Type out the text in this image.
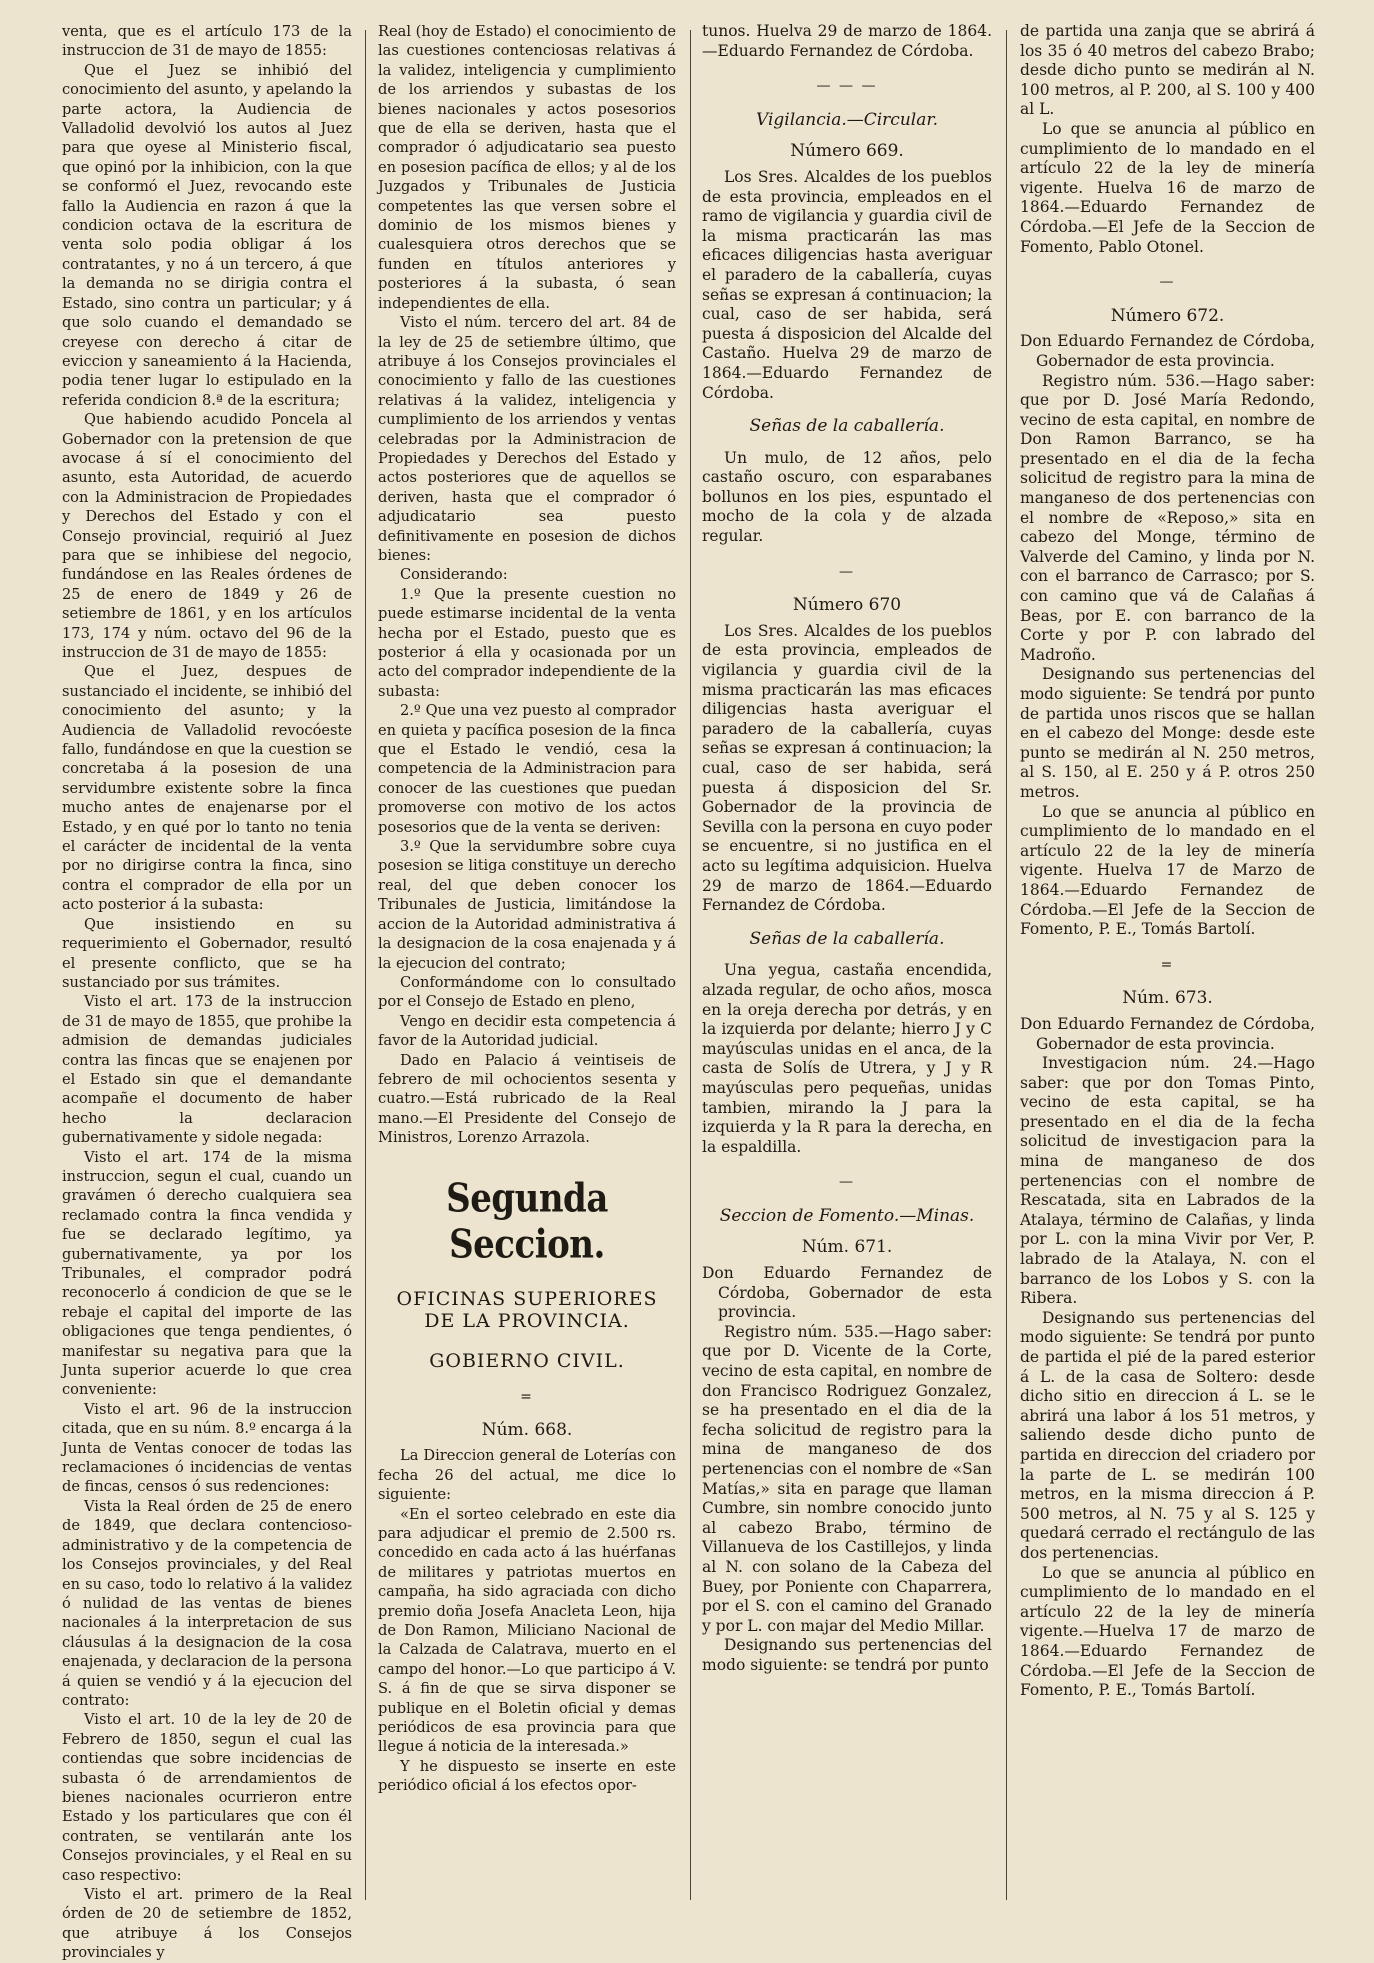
venta, que es el artículo 173 de la instruccion de 31 de mayo de 1855:

Que el Juez se inhibió del conocimiento del asunto, y apelando la parte actora, la Audiencia de Valladolid devolvió los autos al Juez para que oyese al Ministerio fiscal, que opinó por la inhibicion, con la que se conformó el Juez, revocando este fallo la Audiencia en razon á que la condicion octava de la escritura de venta solo podia obligar á los contratantes, y no á un tercero, á que la demanda no se dirigia contra el Estado, sino contra un particular; y á que solo cuando el demandado se creyese con derecho á citar de eviccion y saneamiento á la Hacienda, podia tener lugar lo estipulado en la referida condicion 8.ª de la escritura;

Que habiendo acudido Poncela al Gobernador con la pretension de que avocase á sí el conocimiento del asunto, esta Autoridad, de acuerdo con la Administracion de Propiedades y Derechos del Estado y con el Consejo provincial, requirió al Juez para que se inhibiese del negocio, fundándose en las Reales órdenes de 25 de enero de 1849 y 26 de setiembre de 1861, y en los artículos 173, 174 y núm. octavo del 96 de la instruccion de 31 de mayo de 1855:

Que el Juez, despues de sustanciado el incidente, se inhibió del conocimiento del asunto; y la Audiencia de Valladolid revocóeste fallo, fundándose en que la cuestion se concretaba á la posesion de una servidumbre existente sobre la finca mucho antes de enajenarse por el Estado, y en qué por lo tanto no tenia el carácter de incidental de la venta por no dirigirse contra la finca, sino contra el comprador de ella por un acto posterior á la subasta:

Que insistiendo en su requerimiento el Gobernador, resultó el presente conflicto, que se ha sustanciado por sus trámites.

Visto el art. 173 de la instruccion de 31 de mayo de 1855, que prohibe la admision de demandas judiciales contra las fincas que se enajenen por el Estado sin que el demandante acompañe el documento de haber hecho la declaracion gubernativamente y sidole negada:

Visto el art. 174 de la misma instruccion, segun el cual, cuando un gravámen ó derecho cualquiera sea reclamado contra la finca vendida y fue se declarado legítimo, ya gubernativamente, ya por los Tribunales, el comprador podrá reconocerlo á condicion de que se le rebaje el capital del importe de las obligaciones que tenga pendientes, ó manifestar su negativa para que la Junta superior acuerde lo que crea conveniente:

Visto el art. 96 de la instruccion citada, que en su núm. 8.º encarga á la Junta de Ventas conocer de todas las reclamaciones ó incidencias de ventas de fincas, censos ó sus redenciones:

Vista la Real órden de 25 de enero de 1849, que declara contencioso-administrativo y de la competencia de los Consejos provinciales, y del Real en su caso, todo lo relativo á la validez ó nulidad de las ventas de bienes nacionales á la interpretacion de sus cláusulas á la designacion de la cosa enajenada, y declaracion de la persona á quien se vendió y á la ejecucion del contrato:

Visto el art. 10 de la ley de 20 de Febrero de 1850, segun el cual las contiendas que sobre incidencias de subasta ó de arrendamientos de bienes nacionales ocurrieron entre Estado y los particulares que con él contraten, se ventilarán ante los Consejos provinciales, y el Real en su caso respectivo:

Visto el art. primero de la Real órden de 20 de setiembre de 1852, que atribuye á los Consejos provinciales y

Real (hoy de Estado) el conocimiento de las cuestiones contenciosas relativas á la validez, inteligencia y cumplimiento de los arriendos y subastas de los bienes nacionales y actos posesorios que de ella se deriven, hasta que el comprador ó adjudicatario sea puesto en posesion pacífica de ellos; y al de los Juzgados y Tribunales de Justicia competentes las que versen sobre el dominio de los mismos bienes y cualesquiera otros derechos que se funden en títulos anteriores y posteriores á la subasta, ó sean independientes de ella.

Visto el núm. tercero del art. 84 de la ley de 25 de setiembre último, que atribuye á los Consejos provinciales el conocimiento y fallo de las cuestiones relativas á la validez, inteligencia y cumplimiento de los arriendos y ventas celebradas por la Administracion de Propiedades y Derechos del Estado y actos posteriores que de aquellos se deriven, hasta que el comprador ó adjudicatario sea puesto definitivamente en posesion de dichos bienes:

Considerando:

1.º Que la presente cuestion no puede estimarse incidental de la venta hecha por el Estado, puesto que es posterior á ella y ocasionada por un acto del comprador independiente de la subasta:

2.º Que una vez puesto al comprador en quieta y pacífica posesion de la finca que el Estado le vendió, cesa la competencia de la Administracion para conocer de las cuestiones que puedan promoverse con motivo de los actos posesorios que de la venta se deriven:

3.º Que la servidumbre sobre cuya posesion se litiga constituye un derecho real, del que deben conocer los Tribunales de Justicia, limitándose la accion de la Autoridad administrativa á la designacion de la cosa enajenada y á la ejecucion del contrato;

Conformándome con lo consultado por el Consejo de Estado en pleno,

Vengo en decidir esta competencia á favor de la Autoridad judicial.

Dado en Palacio á veintiseis de febrero de mil ochocientos sesenta y cuatro.—Está rubricado de la Real mano.—El Presidente del Consejo de Ministros, Lorenzo Arrazola.

Segunda Seccion.
OFICINAS SUPERIORES DE LA PROVINCIA.
GOBIERNO CIVIL.
=
Núm. 668.

La Direccion general de Loterías con fecha 26 del actual, me dice lo siguiente:

«En el sorteo celebrado en este dia para adjudicar el premio de 2.500 rs. concedido en cada acto á las huérfanas de militares y patriotas muertos en campaña, ha sido agraciada con dicho premio doña Josefa Anacleta Leon, hija de Don Ramon, Miliciano Nacional de la Calzada de Calatrava, muerto en el campo del honor.—Lo que participo á V. S. á fin de que se sirva disponer se publique en el Boletin oficial y demas periódicos de esa provincia para que llegue á noticia de la interesada.»

Y he dispuesto se inserte en este periódico oficial á los efectos opor-

tunos. Huelva 29 de marzo de 1864.—Eduardo Fernandez de Córdoba.

— — —
Vigilancia.—Circular.
Número 669.

Los Sres. Alcaldes de los pueblos de esta provincia, empleados en el ramo de vigilancia y guardia civil de la misma practicarán las mas eficaces diligencias hasta averiguar el paradero de la caballería, cuyas señas se expresan á continuacion; la cual, caso de ser habida, será puesta á disposicion del Alcalde del Castaño. Huelva 29 de marzo de 1864.—Eduardo Fernandez de Córdoba.

Señas de la caballería.

Un mulo, de 12 años, pelo castaño oscuro, con esparabanes bollunos en los pies, espuntado el mocho de la cola y de alzada regular.

—
Número 670

Los Sres. Alcaldes de los pueblos de esta provincia, empleados de vigilancia y guardia civil de la misma practicarán las mas eficaces diligencias hasta averiguar el paradero de la caballería, cuyas señas se expresan á continuacion; la cual, caso de ser habida, será puesta á disposicion del Sr. Gobernador de la provincia de Sevilla con la persona en cuyo poder se encuentre, si no justifica en el acto su legítima adquisicion. Huelva 29 de marzo de 1864.—Eduardo Fernandez de Córdoba.

Señas de la caballería.

Una yegua, castaña encendida, alzada regular, de ocho años, mosca en la oreja derecha por detrás, y en la izquierda por delante; hierro J y C mayúsculas unidas en el anca, de la casta de Solís de Utrera, y J y R mayúsculas pero pequeñas, unidas tambien, mirando la J para la izquierda y la R para la derecha, en la espaldilla.

—
Seccion de Fomento.—Minas.
Núm. 671.

Don Eduardo Fernandez de Córdoba, Gobernador de esta provincia.

Registro núm. 535.—Hago saber: que por D. Vicente de la Corte, vecino de esta capital, en nombre de don Francisco Rodriguez Gonzalez, se ha presentado en el dia de la fecha solicitud de registro para la mina de manganeso de dos pertenencias con el nombre de «San Matías,» sita en parage que llaman Cumbre, sin nombre conocido junto al cabezo Brabo, término de Villanueva de los Castillejos, y linda al N. con solano de la Cabeza del Buey, por Poniente con Chaparrera, por el S. con el camino del Granado y por L. con majar del Medio Millar.

Designando sus pertenencias del modo siguiente: se tendrá por punto

de partida una zanja que se abrirá á los 35 ó 40 metros del cabezo Brabo; desde dicho punto se medirán al N. 100 metros, al P. 200, al S. 100 y 400 al L.

Lo que se anuncia al público en cumplimiento de lo mandado en el artículo 22 de la ley de minería vigente. Huelva 16 de marzo de 1864.—Eduardo Fernandez de Córdoba.—El Jefe de la Seccion de Fomento, Pablo Otonel.

—
Número 672.

Don Eduardo Fernandez de Córdoba, Gobernador de esta provincia.

Registro núm. 536.—Hago saber: que por D. José María Redondo, vecino de esta capital, en nombre de Don Ramon Barranco, se ha presentado en el dia de la fecha solicitud de registro para la mina de manganeso de dos pertenencias con el nombre de «Reposo,» sita en cabezo del Monge, término de Valverde del Camino, y linda por N. con el barranco de Carrasco; por S. con camino que vá de Calañas á Beas, por E. con barranco de la Corte y por P. con labrado del Madroño.

Designando sus pertenencias del modo siguiente: Se tendrá por punto de partida unos riscos que se hallan en el cabezo del Monge: desde este punto se medirán al N. 250 metros, al S. 150, al E. 250 y á P. otros 250 metros.

Lo que se anuncia al público en cumplimiento de lo mandado en el artículo 22 de la ley de minería vigente. Huelva 17 de Marzo de 1864.—Eduardo Fernandez de Córdoba.—El Jefe de la Seccion de Fomento, P. E., Tomás Bartolí.

=
Núm. 673.

Don Eduardo Fernandez de Córdoba, Gobernador de esta provincia.

Investigacion núm. 24.—Hago saber: que por don Tomas Pinto, vecino de esta capital, se ha presentado en el dia de la fecha solicitud de investigacion para la mina de manganeso de dos pertenencias con el nombre de Rescatada, sita en Labrados de la Atalaya, término de Calañas, y linda por L. con la mina Vivir por Ver, P. labrado de la Atalaya, N. con el barranco de los Lobos y S. con la Ribera.

Designando sus pertenencias del modo siguiente: Se tendrá por punto de partida el pié de la pared esterior á L. de la casa de Soltero: desde dicho sitio en direccion á L. se le abrirá una labor á los 51 metros, y saliendo desde dicho punto de partida en direccion del criadero por la parte de L. se medirán 100 metros, en la misma direccion á P. 500 metros, al N. 75 y al S. 125 y quedará cerrado el rectángulo de las dos pertenencias.

Lo que se anuncia al público en cumplimiento de lo mandado en el artículo 22 de la ley de minería vigente.—Huelva 17 de marzo de 1864.—Eduardo Fernandez de Córdoba.—El Jefe de la Seccion de Fomento, P. E., Tomás Bartolí.
